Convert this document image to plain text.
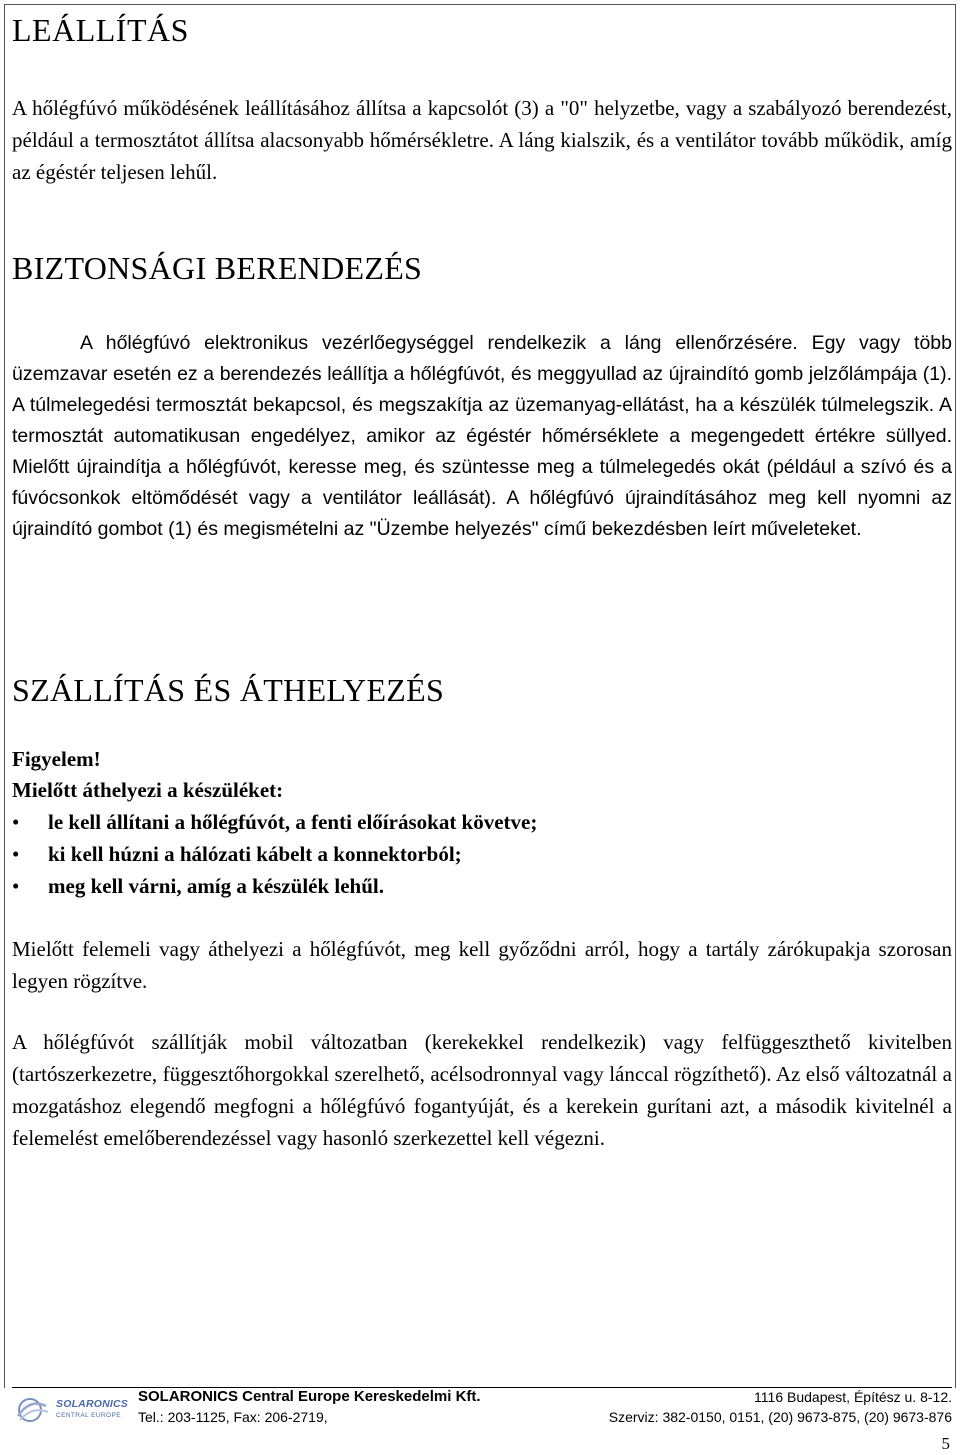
LEÁLLÍTÁS

A hőlégfúvó működésének leállításához állítsa a kapcsolót (3) a "0" helyzetbe, vagy a szabályozó berendezést, például a termosztátot állítsa alacsonyabb hőmérsékletre. A láng kialszik, és a ventilátor tovább működik, amíg az égéstér teljesen lehűl.

BIZTONSÁGI BERENDEZÉS

A hőlégfúvó elektronikus vezérlőegységgel rendelkezik a láng ellenőrzésére. Egy vagy több üzemzavar esetén ez a berendezés leállítja a hőlégfúvót, és meggyullad az újraindító gomb jelzőlámpája (1). A túlmelegedési termosztát bekapcsol, és megszakítja az üzemanyag-ellátást, ha a készülék túlmelegszik. A termosztát automatikusan engedélyez, amikor az égéstér hőmérséklete a megengedett értékre süllyed. Mielőtt újraindítja a hőlégfúvót, keresse meg, és szüntesse meg a túlmelegedés okát (például a szívó és a fúvócsonkok eltömődését vagy a ventilátor leállását). A hőlégfúvó újraindításához meg kell nyomni az újraindító gombot (1) és megismételni az "Üzembe helyezés" című bekezdésben leírt műveleteket.

SZÁLLÍTÁS ÉS ÁTHELYEZÉS

Figyelem!

Mielőtt áthelyezi a készüléket:

• le kell állítani a hőlégfúvót, a fenti előírásokat követve;
• ki kell húzni a hálózati kábelt a konnektorból;
• meg kell várni, amíg a készülék lehűl.

Mielőtt felemeli vagy áthelyezi a hőlégfúvót, meg kell győződni arról, hogy a tartály zárókupakja szorosan legyen rögzítve.

A hőlégfúvót szállítják mobil változatban (kerekekkel rendelkezik) vagy felfüggeszthető kivitelben (tartószerkezetre, függesztőhorgokkal szerelhető, acélsodronnyal vagy lánccal rögzíthető). Az első változatnál a mozgatáshoz elegendő megfogni a hőlégfúvó fogantyúját, és a kerekein gurítani azt, a második kivitelnél a felemelést emelőberendezéssel vagy hasonló szerkezettel kell végezni.

SOLARONICS
CENTRAL EUROPE
SOLARONICS Central Europe Kereskedelmi Kft.	1116 Budapest, Építész u. 8-12.
Tel.: 203-1125, Fax: 206-2719,	Szerviz: 382-0150, 0151, (20) 9673-875, (20) 9673-876
5
